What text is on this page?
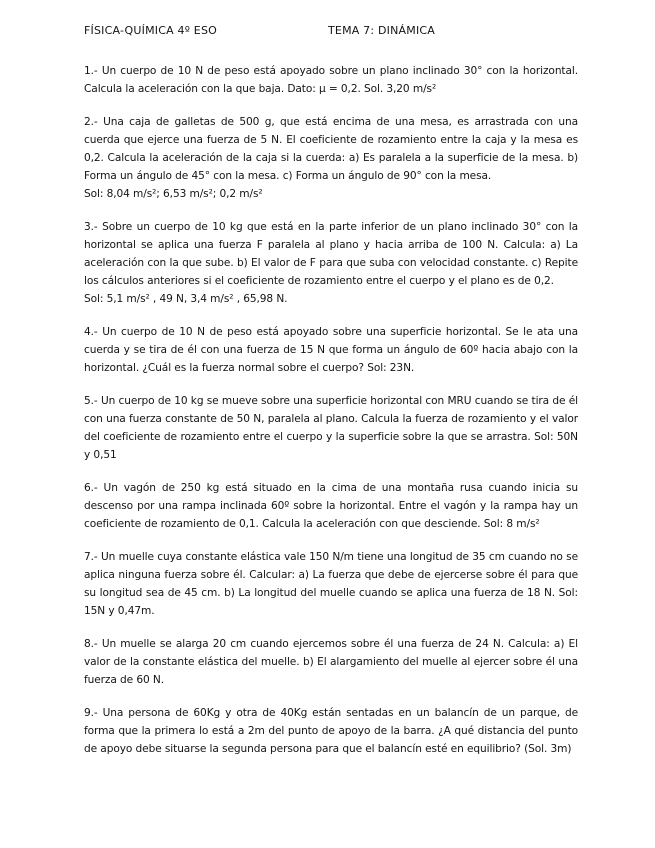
FÍSICA-QUÍMICA 4º ESO	TEMA 7: DINÁMICA

1.- Un cuerpo de 10 N de peso está apoyado sobre un plano inclinado 30° con la horizontal. Calcula la aceleración con la que baja. Dato: μ = 0,2. Sol. 3,20 m/s²

2.- Una caja de galletas de 500 g, que está encima de una mesa, es arrastrada con una cuerda que ejerce una fuerza de 5 N. El coeficiente de rozamiento entre la caja y la mesa es 0,2. Calcula la aceleración de la caja si la cuerda: a) Es paralela a la superficie de la mesa. b) Forma un ángulo de 45° con la mesa. c) Forma un ángulo de 90° con la mesa.

Sol: 8,04 m/s²; 6,53 m/s²; 0,2 m/s²

3.- Sobre un cuerpo de 10 kg que está en la parte inferior de un plano inclinado 30° con la horizontal se aplica una fuerza F paralela al plano y hacia arriba de 100 N. Calcula: a) La aceleración con la que sube. b) El valor de F para que suba con velocidad constante. c) Repite los cálculos anteriores si el coeficiente de rozamiento entre el cuerpo y el plano es de 0,2.

Sol: 5,1 m/s² , 49 N, 3,4 m/s² , 65,98 N.

4.- Un cuerpo de 10 N de peso está apoyado sobre una superficie horizontal. Se le ata una cuerda y se tira de él con una fuerza de 15 N que forma un ángulo de 60º hacia abajo con la horizontal. ¿Cuál es la fuerza normal sobre el cuerpo? Sol: 23N.

5.- Un cuerpo de 10 kg se mueve sobre una superficie horizontal con MRU cuando se tira de él con una fuerza constante de 50 N, paralela al plano. Calcula la fuerza de rozamiento y el valor del coeficiente de rozamiento entre el cuerpo y la superficie sobre la que se arrastra. Sol: 50N y 0,51

6.- Un vagón de 250 kg está situado en la cima de una montaña rusa cuando inicia su descenso por una rampa inclinada 60º sobre la horizontal. Entre el vagón y la rampa hay un coeficiente de rozamiento de 0,1. Calcula la aceleración con que desciende. Sol: 8 m/s²

7.- Un muelle cuya constante elástica vale 150 N/m tiene una longitud de 35 cm cuando no se aplica ninguna fuerza sobre él. Calcular: a) La fuerza que debe de ejercerse sobre él para que su longitud sea de 45 cm. b) La longitud del muelle cuando se aplica una fuerza de 18 N. Sol: 15N y 0,47m.

8.- Un muelle se alarga 20 cm cuando ejercemos sobre él una fuerza de 24 N. Calcula: a) El valor de la constante elástica del muelle. b) El alargamiento del muelle al ejercer sobre él una fuerza de 60 N.

9.- Una persona de 60Kg y otra de 40Kg están sentadas en un balancín de un parque, de forma que la primera lo está a 2m del punto de apoyo de la barra. ¿A qué distancia del punto de apoyo debe situarse la segunda persona para que el balancín esté en equilibrio? (Sol. 3m)
